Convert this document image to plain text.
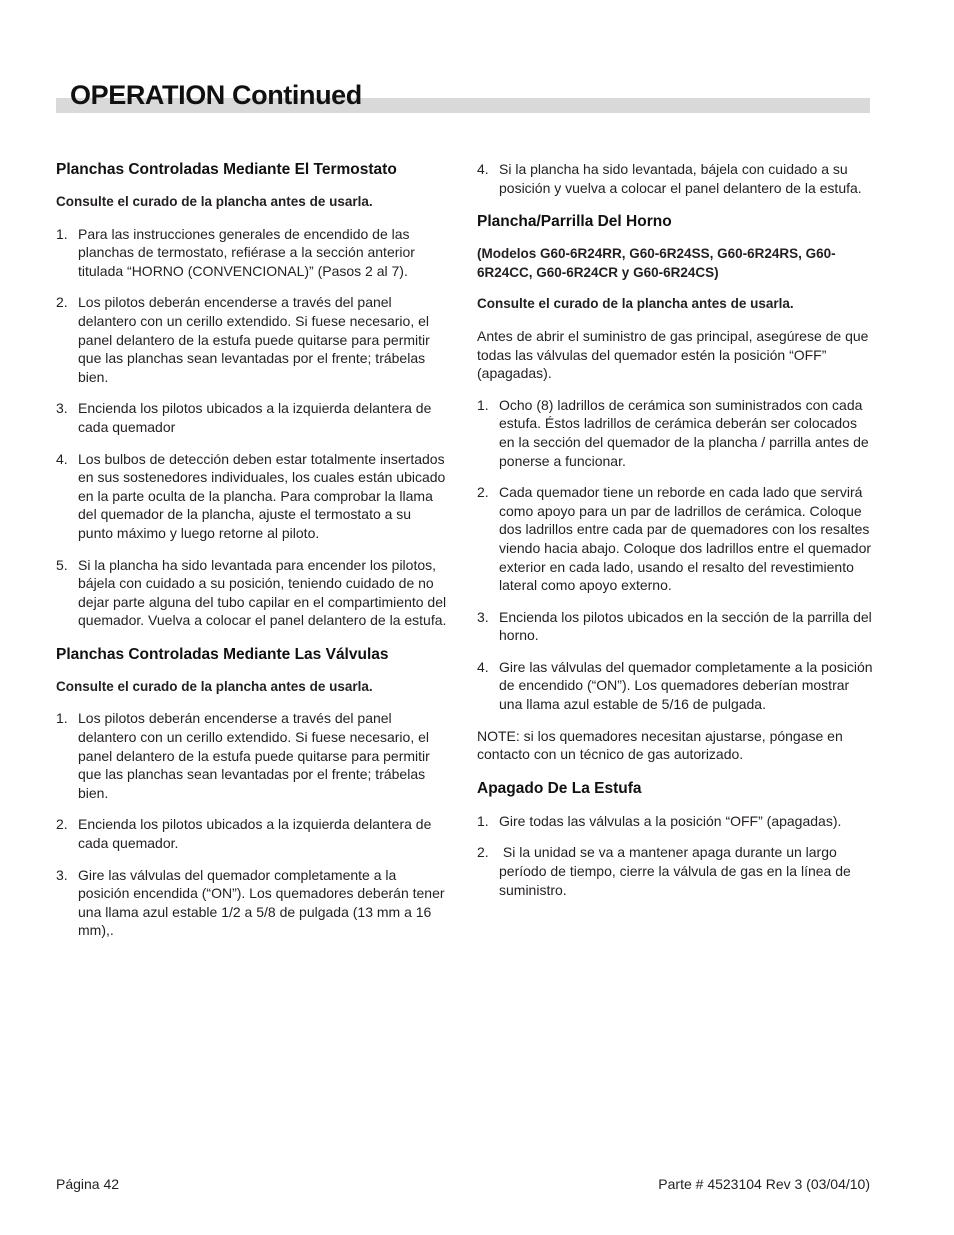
OPERATION Continued
Planchas Controladas Mediante El Termostato
Consulte el curado de la plancha antes de usarla.
1. Para las instrucciones generales de encendido de las planchas de termostato, refiérase a la sección anterior titulada “HORNO (CONVENCIONAL)” (Pasos 2 al 7).
2. Los pilotos deberán encenderse a través del panel delantero con un cerillo extendido. Si fuese necesario, el panel delantero de la estufa puede quitarse para permitir que las planchas sean levantadas por el frente; trábelas bien.
3. Encienda los pilotos ubicados a la izquierda delantera de cada quemador
4. Los bulbos de detección deben estar totalmente insertados en sus sostenedores individuales, los cuales están ubicado en la parte oculta de la plancha. Para comprobar la llama del quemador de la plancha, ajuste el termostato a su punto máximo y luego retorne al piloto.
5. Si la plancha ha sido levantada para encender los pilotos, bájela con cuidado a su posición, teniendo cuidado de no dejar parte alguna del tubo capilar en el compartimiento del quemador. Vuelva a colocar el panel delantero de la estufa.
Planchas Controladas Mediante Las Válvulas
Consulte el curado de la plancha antes de usarla.
1. Los pilotos deberán encenderse a través del panel delantero con un cerillo extendido. Si fuese necesario, el panel delantero de la estufa puede quitarse para permitir que las planchas sean levantadas por el frente; trábelas bien.
2. Encienda los pilotos ubicados a la izquierda delantera de cada quemador.
3. Gire las válvulas del quemador completamente a la posición encendida (“ON”). Los quemadores deberán tener una llama azul estable 1/2 a 5/8 de pulgada (13 mm a 16 mm),.
4. Si la plancha ha sido levantada, bájela con cuidado a su posición y vuelva a colocar el panel delantero de la estufa.
Plancha/Parrilla Del Horno
(Modelos G60-6R24RR, G60-6R24SS, G60-6R24RS, G60-6R24CC, G60-6R24CR y G60-6R24CS)
Consulte el curado de la plancha antes de usarla.

Antes de abrir el suministro de gas principal, asegúrese de que todas las válvulas del quemador estén la posición “OFF” (apagadas).

1. Ocho (8) ladrillos de cerámica son suministrados con cada estufa. Éstos ladrillos de cerámica deberán ser colocados en la sección del quemador de la plancha / parrilla antes de ponerse a funcionar.
2. Cada quemador tiene un reborde en cada lado que servirá como apoyo para un par de ladrillos de cerámica. Coloque dos ladrillos entre cada par de quemadores con los resaltes viendo hacia abajo. Coloque dos ladrillos entre el quemador exterior en cada lado, usando el resalto del revestimiento lateral como apoyo externo.
3. Encienda los pilotos ubicados en la sección de la parrilla del horno.
4. Gire las válvulas del quemador completamente a la posición de encendido (“ON”). Los quemadores deberían mostrar una llama azul estable de 5/16 de pulgada.

NOTE: si los quemadores necesitan ajustarse, póngase en contacto con un técnico de gas autorizado.

Apagado De La Estufa
1. Gire todas las válvulas a la posición “OFF” (apagadas).
2. Si la unidad se va a mantener apaga durante un largo período de tiempo, cierre la válvula de gas en la línea de suministro.
Página 42	Parte # 4523104 Rev 3 (03/04/10)
